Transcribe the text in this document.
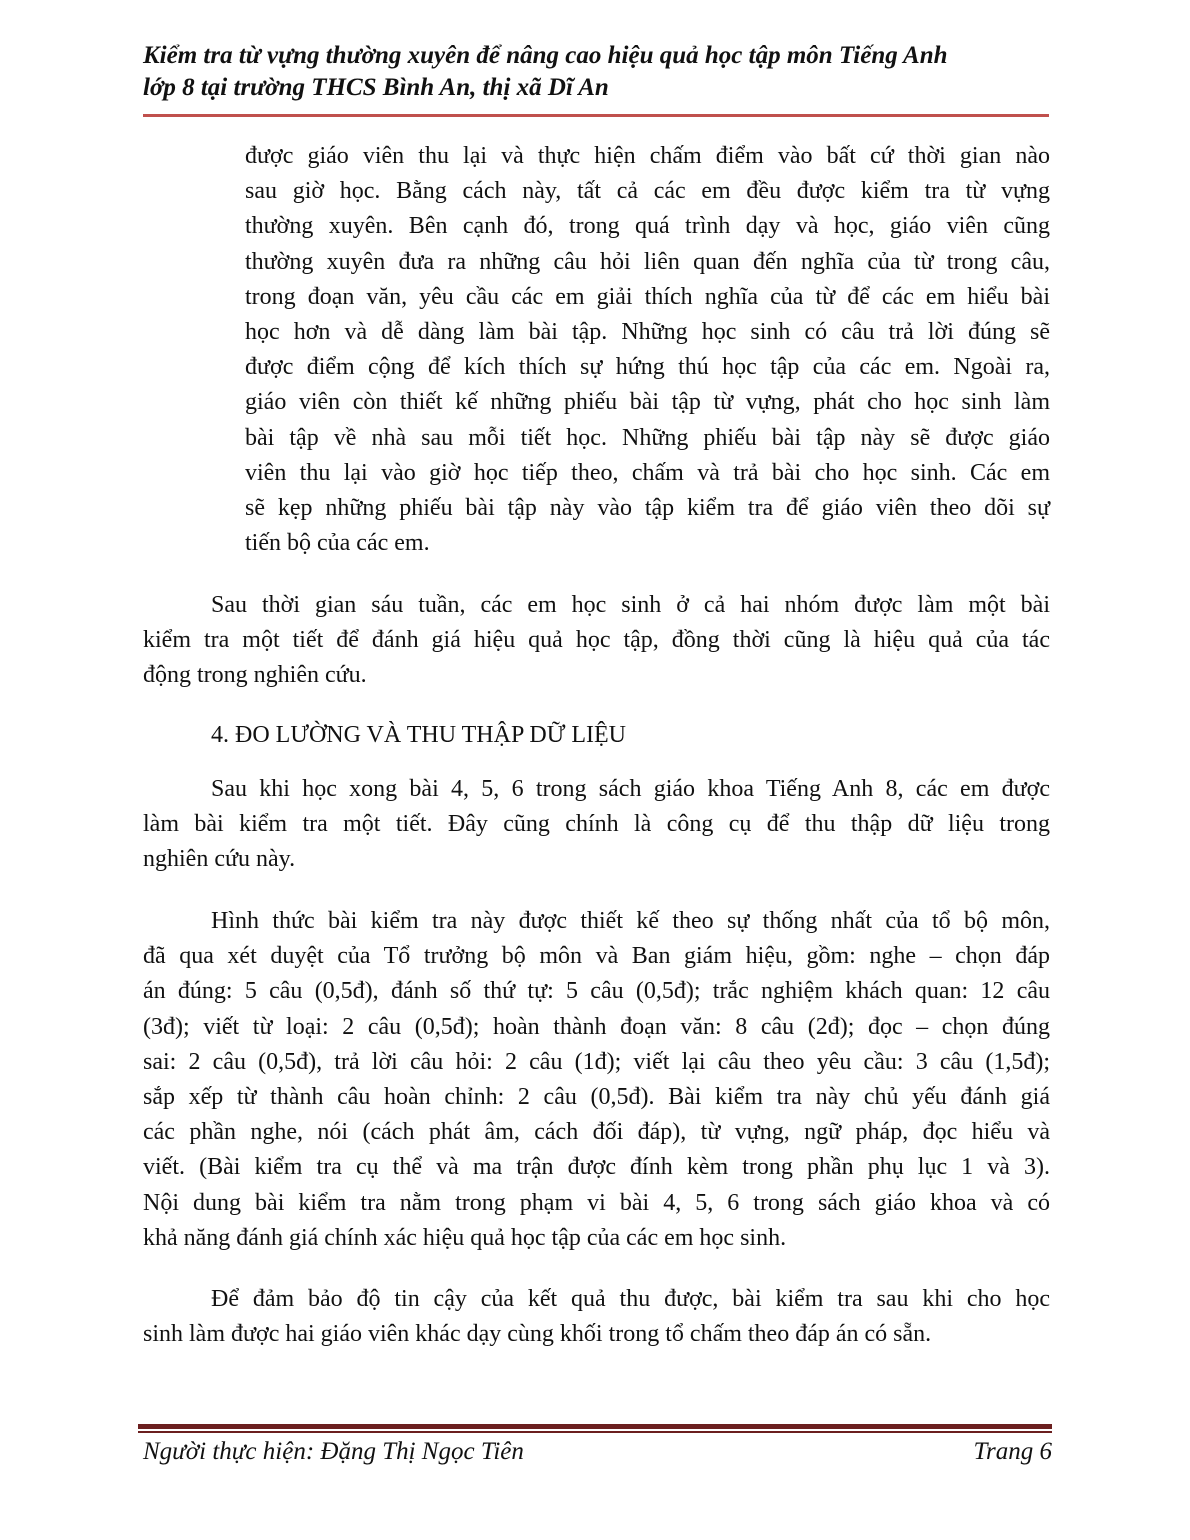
Kiểm tra từ vựng thường xuyên để nâng cao hiệu quả học tập môn Tiếng Anh
lớp 8 tại trường THCS Bình An, thị xã Dĩ An
được giáo viên thu lại và thực hiện chấm điểm vào bất cứ thời gian nào
sau giờ học. Bằng cách này, tất cả các em đều được kiểm tra từ vựng
thường xuyên. Bên cạnh đó, trong quá trình dạy và học, giáo viên cũng
thường xuyên đưa ra những câu hỏi liên quan đến nghĩa của từ trong câu,
trong đoạn văn, yêu cầu các em giải thích nghĩa của từ để các em hiểu bài
học hơn và dễ dàng làm bài tập. Những học sinh có câu trả lời đúng sẽ
được điểm cộng để kích thích sự hứng thú học tập của các em. Ngoài ra,
giáo viên còn thiết kế những phiếu bài tập từ vựng, phát cho học sinh làm
bài tập về nhà sau mỗi tiết học. Những phiếu bài tập này sẽ được giáo
viên thu lại vào giờ học tiếp theo, chấm và trả bài cho học sinh. Các em
sẽ kẹp những phiếu bài tập này vào tập kiểm tra để giáo viên theo dõi sự
tiến bộ của các em.
Sau thời gian sáu tuần, các em học sinh ở cả hai nhóm được làm một bài
kiểm tra một tiết để đánh giá hiệu quả học tập, đồng thời cũng là hiệu quả của tác
động trong nghiên cứu.
4. ĐO LƯỜNG VÀ THU THẬP DỮ LIỆU
Sau khi học xong bài 4, 5, 6 trong sách giáo khoa Tiếng Anh 8, các em được
làm bài kiểm tra một tiết. Đây cũng chính là công cụ để thu thập dữ liệu trong
nghiên cứu này.
Hình thức bài kiểm tra này được thiết kế theo sự thống nhất của tổ bộ môn,
đã qua xét duyệt của Tổ trưởng bộ môn và Ban giám hiệu, gồm: nghe – chọn đáp
án đúng: 5 câu (0,5đ), đánh số thứ tự: 5 câu (0,5đ); trắc nghiệm khách quan: 12 câu
(3đ); viết từ loại: 2 câu (0,5đ); hoàn thành đoạn văn: 8 câu (2đ); đọc – chọn đúng
sai: 2 câu (0,5đ), trả lời câu hỏi: 2 câu (1đ); viết lại câu theo yêu cầu: 3 câu (1,5đ);
sắp xếp từ thành câu hoàn chỉnh: 2 câu (0,5đ). Bài kiểm tra này chủ yếu đánh giá
các phần nghe, nói (cách phát âm, cách đối đáp), từ vựng, ngữ pháp, đọc hiểu và
viết. (Bài kiểm tra cụ thể và ma trận được đính kèm trong phần phụ lục 1 và 3).
Nội dung bài kiểm tra nằm trong phạm vi bài 4, 5, 6 trong sách giáo khoa và có
khả năng đánh giá chính xác hiệu quả học tập của các em học sinh.
Để đảm bảo độ tin cậy của kết quả thu được, bài kiểm tra sau khi cho học
sinh làm được hai giáo viên khác dạy cùng khối trong tổ chấm theo đáp án có sẵn.
Người thực hiện: Đặng Thị Ngọc Tiên	Trang 6
